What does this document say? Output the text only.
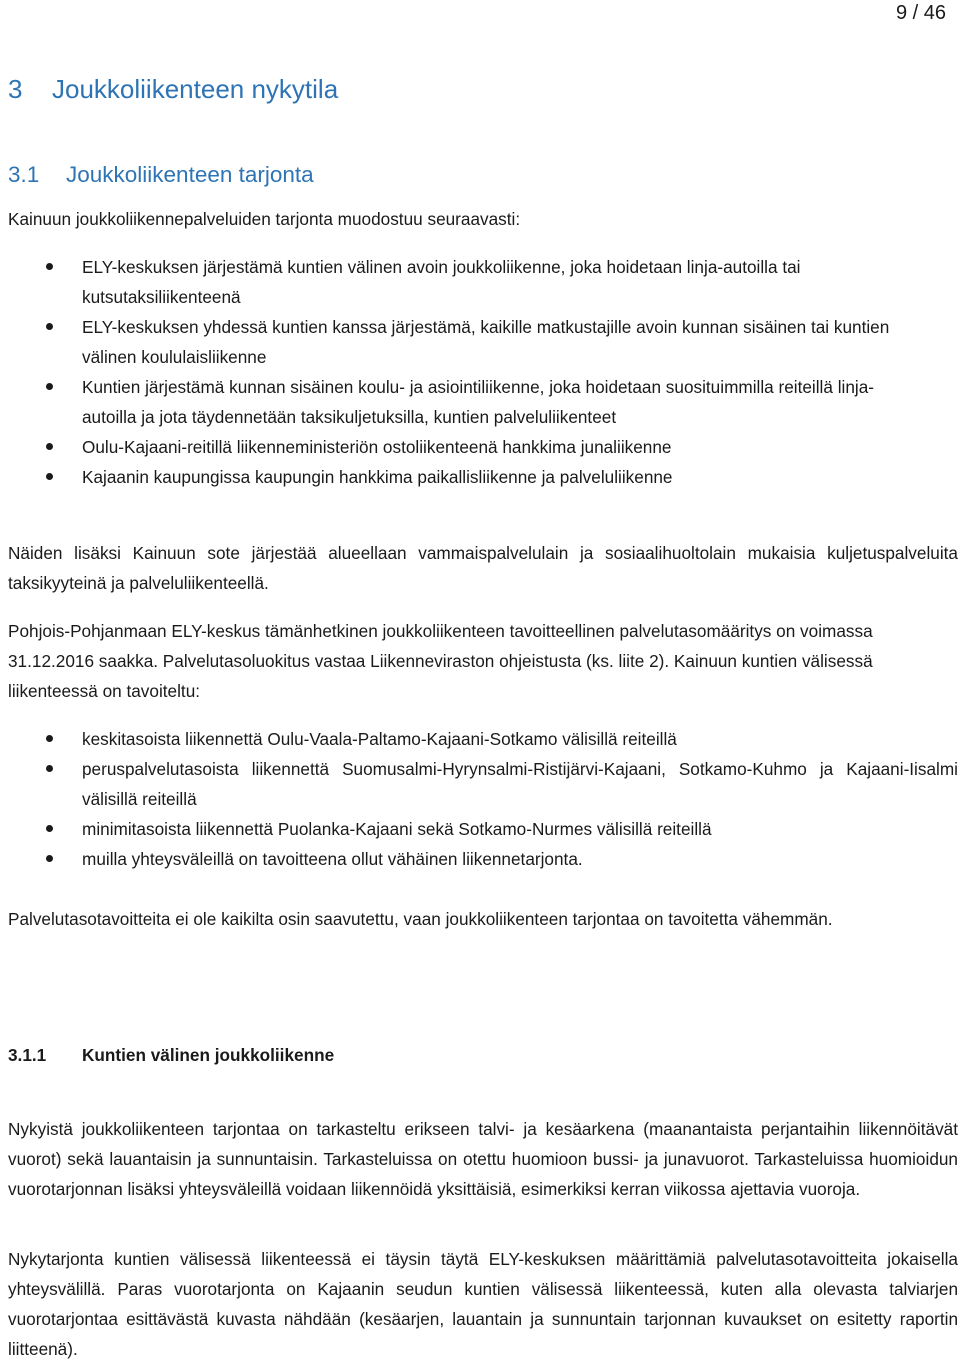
9 / 46
3 Joukkoliikenteen nykytila
3.1 Joukkoliikenteen tarjonta

Kainuun joukkoliikennepalveluiden tarjonta muodostuu seuraavasti:

ELY-keskuksen järjestämä kuntien välinen avoin joukkoliikenne, joka hoidetaan linja-autoilla tai kutsutaksiliikenteenä
ELY-keskuksen yhdessä kuntien kanssa järjestämä, kaikille matkustajille avoin kunnan sisäinen tai kuntien välinen koululaisliikenne
Kuntien järjestämä kunnan sisäinen koulu- ja asiointiliikenne, joka hoidetaan suosituimmilla reiteillä linja-autoilla ja jota täydennetään taksikuljetuksilla, kuntien palveluliikenteet
Oulu-Kajaani-reitillä liikenneministeriön ostoliikenteenä hankkima junaliikenne
Kajaanin kaupungissa kaupungin hankkima paikallisliikenne ja palveluliikenne

Näiden lisäksi Kainuun sote järjestää alueellaan vammaispalvelulain ja sosiaalihuoltolain mukaisia kuljetuspalveluita taksikyyteinä ja palveluliikenteellä.

Pohjois-Pohjanmaan ELY-keskus tämänhetkinen joukkoliikenteen tavoitteellinen palvelutasomääritys on voimassa 31.12.2016 saakka. Palvelutasoluokitus vastaa Liikenneviraston ohjeistusta (ks. liite 2). Kainuun kuntien välisessä liikenteessä on tavoiteltu:

keskitasoista liikennettä Oulu-Vaala-Paltamo-Kajaani-Sotkamo välisillä reiteillä
peruspalvelutasoista liikennettä Suomusalmi-Hyrynsalmi-Ristijärvi-Kajaani, Sotkamo-Kuhmo ja Kajaani-Iisalmi välisillä reiteillä
minimitasoista liikennettä Puolanka-Kajaani sekä Sotkamo-Nurmes välisillä reiteillä
muilla yhteysväleillä on tavoitteena ollut vähäinen liikennetarjonta.

Palvelutasotavoitteita ei ole kaikilta osin saavutettu, vaan joukkoliikenteen tarjontaa on tavoitetta vähemmän.

3.1.1 Kuntien välinen joukkoliikenne

Nykyistä joukkoliikenteen tarjontaa on tarkasteltu erikseen talvi- ja kesäarkena (maanantaista perjantaihin liikennöitävät vuorot) sekä lauantaisin ja sunnuntaisin. Tarkasteluissa on otettu huomioon bussi- ja junavuorot. Tarkasteluissa huomioidun vuorotarjonnan lisäksi yhteysväleillä voidaan liikennöidä yksittäisiä, esimerkiksi kerran viikossa ajettavia vuoroja.

Nykytarjonta kuntien välisessä liikenteessä ei täysin täytä ELY-keskuksen määrittämiä palvelutasotavoitteita jokaisella yhteysvälillä. Paras vuorotarjonta on Kajaanin seudun kuntien välisessä liikenteessä, kuten alla olevasta talviarjen vuorotarjontaa esittävästä kuvasta nähdään (kesäarjen, lauantain ja sunnuntain tarjonnan kuvaukset on esitetty raportin liitteenä).
